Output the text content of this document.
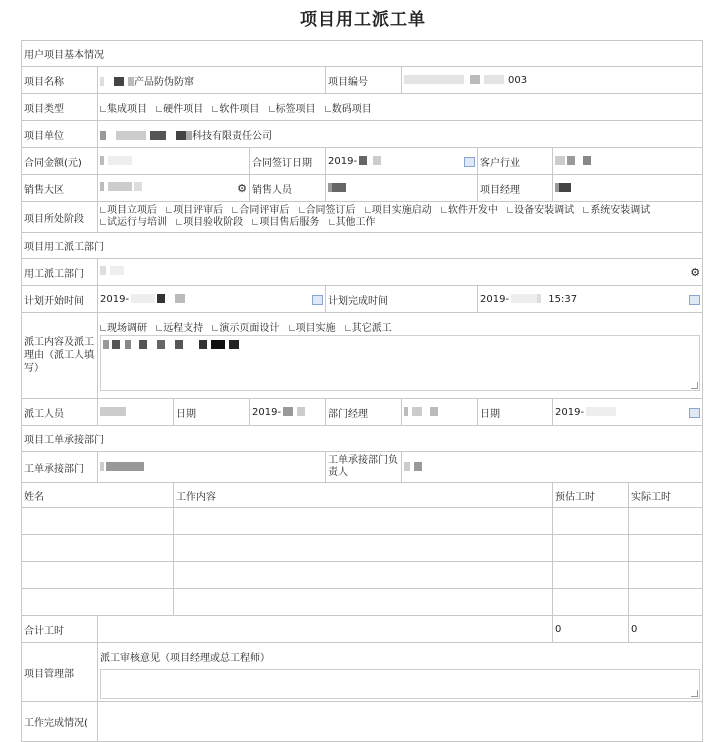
项目用工派工单
用户项目基本情况								
项目名称	产品防伪防窜			项目编号	003			
项目类型	集成项目 硬件项目 软件项目 标签项目 数码项目							
项目单位	科技有限责任公司							
合同金额(元)			合同签订日期	2019-		客户行业		
销售大区	⚙		销售人员			项目经理		
项目所处阶段	项目立项后 项目评审后 合同评审后 合同签订后 项目实施启动 软件开发中 设备安装调试 系统安装调试 试运行与培训 项目验收阶段 项目售后服务 其他工作							
项目用工派工部门								
用工派工部门	⚙							

计划开始时间	2019-			计划完成时间		2019- 15:37		

派工内容及派工理由（派工人填写）	现场调研 远程支持 演示页面设计 项目实施 其它派工							

派工人员		日期	2019-	部门经理		日期	2019-	

项目工单承接部门								
工单承接部门				工单承接部门负责人				
姓名		工作内容					预估工时	实际工时

合计工时							0	0
项目管理部	派工审核意见（项目经理或总工程师）							

工作完成情况(								
